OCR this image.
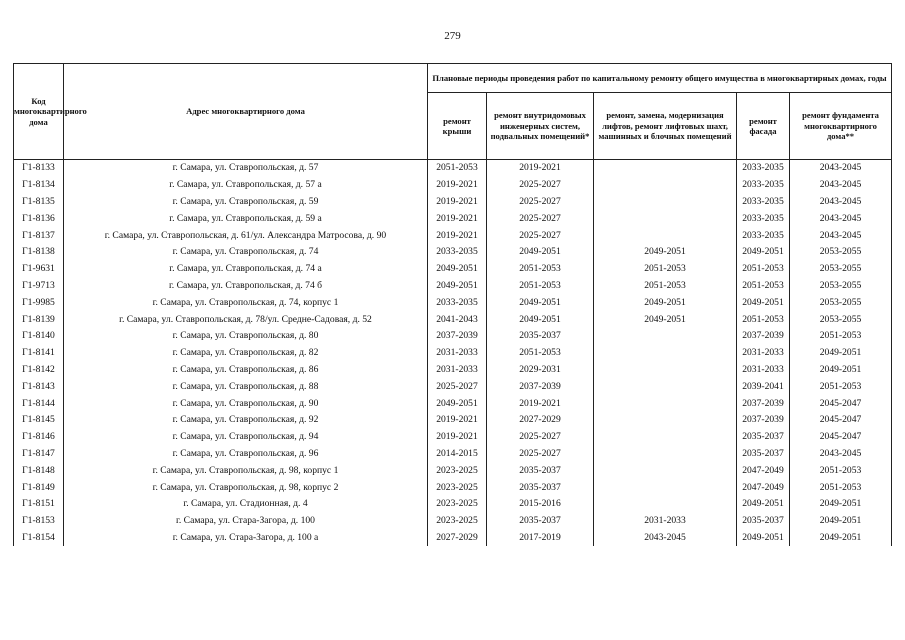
279
Код многоквартирного дома	Адрес многоквартирного дома	Плановые периоды проведения работ по капитальному ремонту общего имущества в многоквартирных домах, годы				
		ремонт крыши	ремонт внутридомовых инженерных систем, подвальных помещений*	ремонт, замена, модернизация лифтов, ремонт лифтовых шахт, машинных и блочных помещений	ремонт фасада	ремонт фундамента многоквартирного дома**
Г1-8133	г. Самара, ул. Ставропольская, д. 57	2051-2053	2019-2021		2033-2035	2043-2045
Г1-8134	г. Самара, ул. Ставропольская, д. 57 а	2019-2021	2025-2027		2033-2035	2043-2045
Г1-8135	г. Самара, ул. Ставропольская, д. 59	2019-2021	2025-2027		2033-2035	2043-2045
Г1-8136	г. Самара, ул. Ставропольская, д. 59 а	2019-2021	2025-2027		2033-2035	2043-2045
Г1-8137	г. Самара, ул. Ставропольская, д. 61/ул. Александра Матросова, д. 90	2019-2021	2025-2027		2033-2035	2043-2045
Г1-8138	г. Самара, ул. Ставропольская, д. 74	2033-2035	2049-2051	2049-2051	2049-2051	2053-2055
Г1-9631	г. Самара, ул. Ставропольская, д. 74 а	2049-2051	2051-2053	2051-2053	2051-2053	2053-2055
Г1-9713	г. Самара, ул. Ставропольская, д. 74 б	2049-2051	2051-2053	2051-2053	2051-2053	2053-2055
Г1-9985	г. Самара, ул. Ставропольская, д. 74, корпус 1	2033-2035	2049-2051	2049-2051	2049-2051	2053-2055
Г1-8139	г. Самара, ул. Ставропольская, д. 78/ул. Средне-Садовая, д. 52	2041-2043	2049-2051	2049-2051	2051-2053	2053-2055
Г1-8140	г. Самара, ул. Ставропольская, д. 80	2037-2039	2035-2037		2037-2039	2051-2053
Г1-8141	г. Самара, ул. Ставропольская, д. 82	2031-2033	2051-2053		2031-2033	2049-2051
Г1-8142	г. Самара, ул. Ставропольская, д. 86	2031-2033	2029-2031		2031-2033	2049-2051
Г1-8143	г. Самара, ул. Ставропольская, д. 88	2025-2027	2037-2039		2039-2041	2051-2053
Г1-8144	г. Самара, ул. Ставропольская, д. 90	2049-2051	2019-2021		2037-2039	2045-2047
Г1-8145	г. Самара, ул. Ставропольская, д. 92	2019-2021	2027-2029		2037-2039	2045-2047
Г1-8146	г. Самара, ул. Ставропольская, д. 94	2019-2021	2025-2027		2035-2037	2045-2047
Г1-8147	г. Самара, ул. Ставропольская, д. 96	2014-2015	2025-2027		2035-2037	2043-2045
Г1-8148	г. Самара, ул. Ставропольская, д. 98, корпус 1	2023-2025	2035-2037		2047-2049	2051-2053
Г1-8149	г. Самара, ул. Ставропольская, д. 98, корпус 2	2023-2025	2035-2037		2047-2049	2051-2053
Г1-8151	г. Самара, ул. Стадионная, д. 4	2023-2025	2015-2016		2049-2051	2049-2051
Г1-8153	г. Самара, ул. Стара-Загора, д. 100	2023-2025	2035-2037	2031-2033	2035-2037	2049-2051
Г1-8154	г. Самара, ул. Стара-Загора, д. 100 а	2027-2029	2017-2019	2043-2045	2049-2051	2049-2051
